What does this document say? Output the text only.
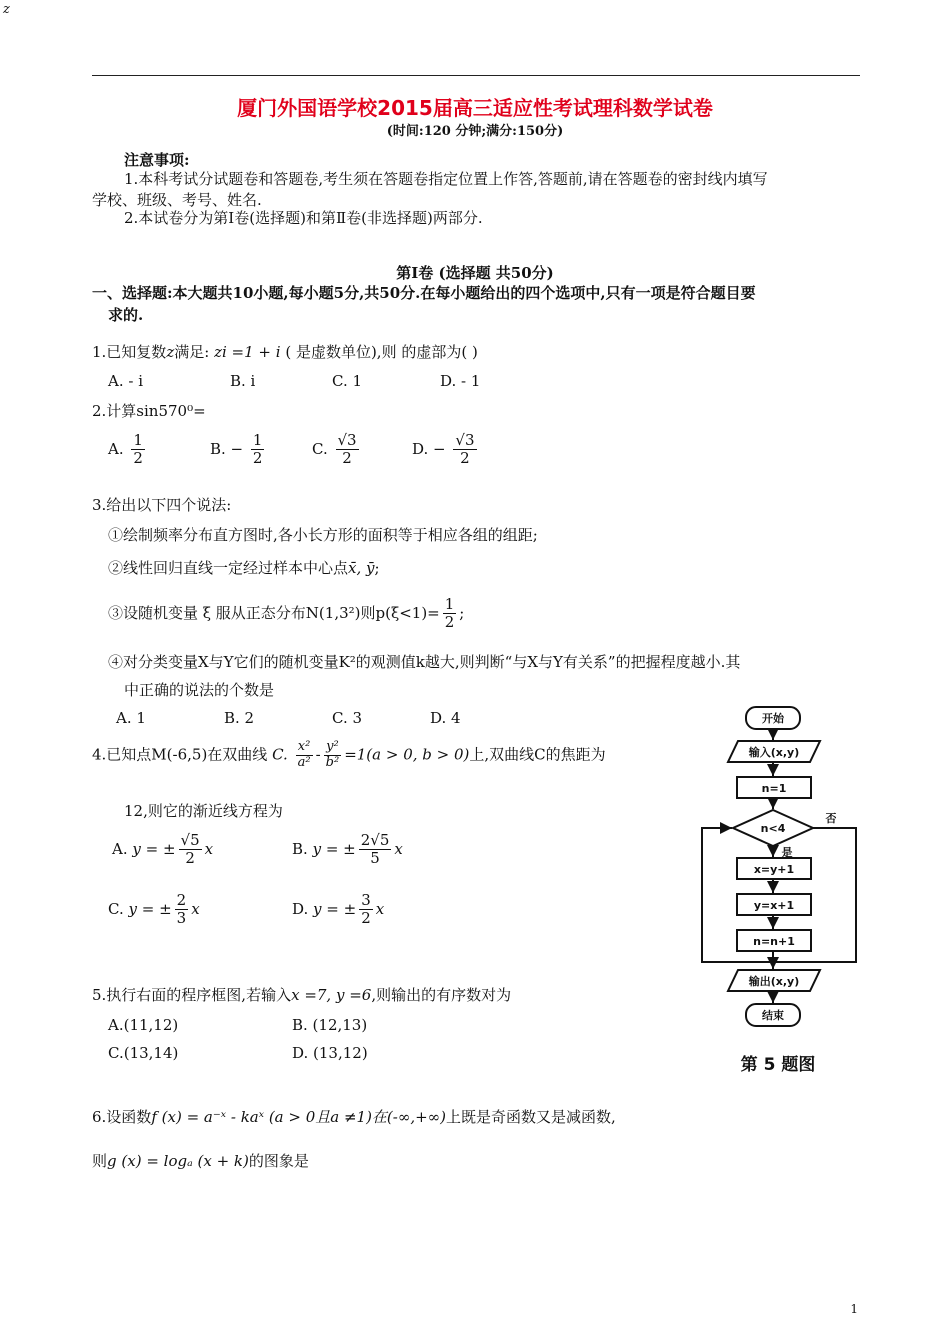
z
厦门外国语学校2015届高三适应性考试理科数学试卷
(时间:120 分钟;满分:150分)
注意事项:
1.本科考试分试题卷和答题卷,考生须在答题卷指定位置上作答,答题前,请在答题卷的密封线内填写
学校、班级、考号、姓名.
2.本试卷分为第Ⅰ卷(选择题)和第Ⅱ卷(非选择题)两部分.
第Ⅰ卷 (选择题 共50分)
一、选择题:本大题共10小题,每小题5分,共50分.在每小题给出的四个选项中,只有一项是符合题目要
求的.
1.已知复数z满足: zi =1 + i ( 是虚数单位),则 的虚部为( )
A. - i	B. i	C. 1	D. - 1
2.计算sin570⁰=
A. $\frac{1}{2}$	B. − $\frac{1}{2}$	C. $\frac{√3}{2}$	D. − $\frac{√3}{2}$
3.给出以下四个说法:
①绘制频率分布直方图时,各小长方形的面积等于相应各组的组距;
②线性回归直线一定经过样本中心点x̄, ȳ;
③设随机变量 ξ 服从正态分布N(1,3²)则$p(\xi<1)= \frac{1}{2}$ ;
④对分类变量X与Y它们的随机变量K²的观测值k越大,则判断“与X与Y有关系”的把握程度越小.其
中正确的说法的个数是
A. 1	B. 2	C. 3	D. 4
4.已知点M(-6,5)在双曲线 C. $\frac{\text{x²}}{\text{a²}} - \frac{\text{y²}}{\text{b²}} =1(a > 0$, b > 0)上,双曲线C的焦距为
12,则它的渐近线方程为
A. y = ± $\frac{√5}{2}$ x	B. y = ± $\frac{2√5}{5}$ x
C. y = ± $\frac{2}{3}$ x	D. y = ± $\frac{3}{2}$ x
5.执行右面的程序框图,若输入x =7, y =6,则输出的有序数对为
A.(11,12)	B. (12,13)
C.(13,14)	D. (13,12)
开始
输入(x,y)
n=1
n<4
否
是
x=y+1
y=x+1
n=n+1
输出(x,y)
结束
第 5 题图
6.设函数f (x) = a⁻ˣ - kaˣ (a > 0且a ≠1)在(-∞,+∞)上既是奇函数又是减函数,
则g (x) = logₐ (x + k)的图象是
1
